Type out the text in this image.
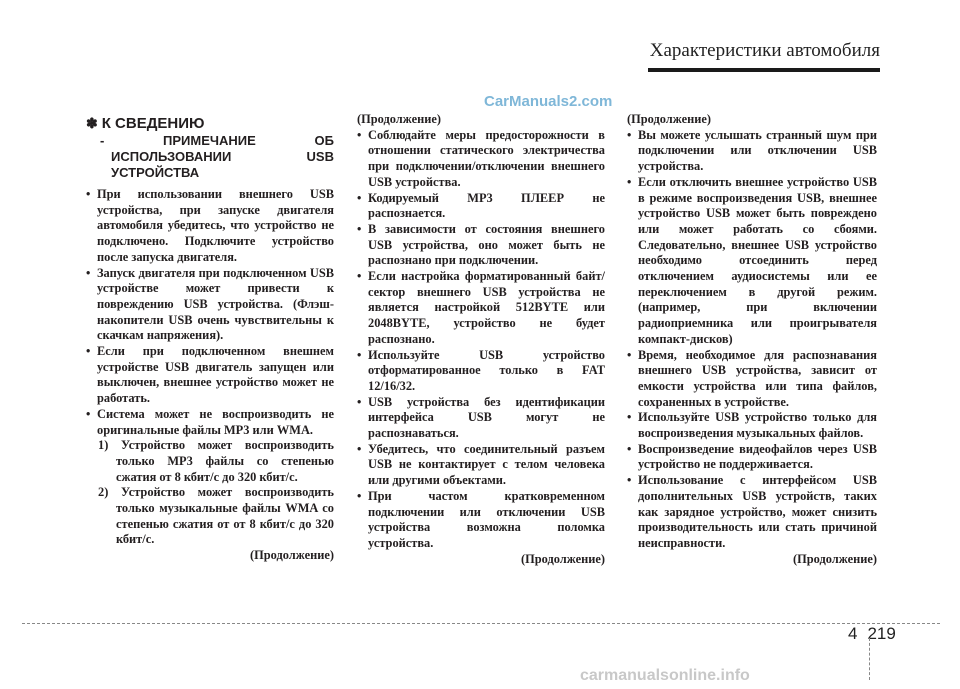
Характеристики автомобиля
CarManuals2.com
✽ К СВЕДЕНИЮ
- ПРИМЕЧАНИЕ ОБ ИСПОЛЬЗОВАНИИ USB УСТРОЙСТВА
• При использовании внешнего USB устройства, при запуске двигателя автомобиля убедитесь, что устройство не подключено. Подключите устройство после запуска двигателя.
• Запуск двигателя при подключенном USB устройстве может привести к повреждению USB устройства. (Флэш-накопители USB очень чувствительны к скачкам напряжения).
• Если при подключенном внешнем устройстве USB двигатель запущен или выключен, внешнее устройство может не работать.
• Система может не воспроизводить не оригинальные файлы MP3 или WMA.
1) Устройство может воспроизводить только MP3 файлы со степенью сжатия от 8 кбит/с до 320 кбит/с.
2) Устройство может воспроизводить только музыкальные файлы WMA со степенью сжатия от от 8 кбит/с до 320 кбит/с.
(Продолжение)
(Продолжение)
• Соблюдайте меры предосторожности в отношении статического электричества при подключении/отключении внешнего USB устройства.
• Кодируемый MP3 ПЛЕЕР не распознается.
• В зависимости от состояния внешнего USB устройства, оно может быть не распознано при подключении.
• Если настройка форматированный байт/сектор внешнего USB устройства не является настройкой 512BYTE или 2048BYTE, устройство не будет распознано.
• Используйте USB устройство отформатированное только в FAT 12/16/32.
• USB устройства без идентификации интерфейса USB могут не распознаваться.
• Убедитесь, что соединительный разъем USB не контактирует с телом человека или другими объектами.
• При частом кратковременном подключении или отключении USB устройства возможна поломка устройства.
(Продолжение)
(Продолжение)
• Вы можете услышать странный шум при подключении или отключении USB устройства.
• Если отключить внешнее устройство USB в режиме воспроизведения USB, внешнее устройство USB может быть повреждено или может работать со сбоями. Следовательно, внешнее USB устройство необходимо отсоединить перед отключением аудиосистемы или ее переключением в другой режим. (например, при включении радиоприемника или проигрывателя компакт-дисков)
• Время, необходимое для распознавания внешнего USB устройства, зависит от емкости устройства или типа файлов, сохраненных в устройстве.
• Используйте USB устройство только для воспроизведения музыкальных файлов.
• Воспроизведение видеофайлов через USB устройство не поддерживается.
• Использование с интерфейсом USB дополнительных USB устройств, таких как зарядное устройство, может снизить производительность или стать причиной неисправности.
(Продолжение)
4 219
carmanualsonline.info
